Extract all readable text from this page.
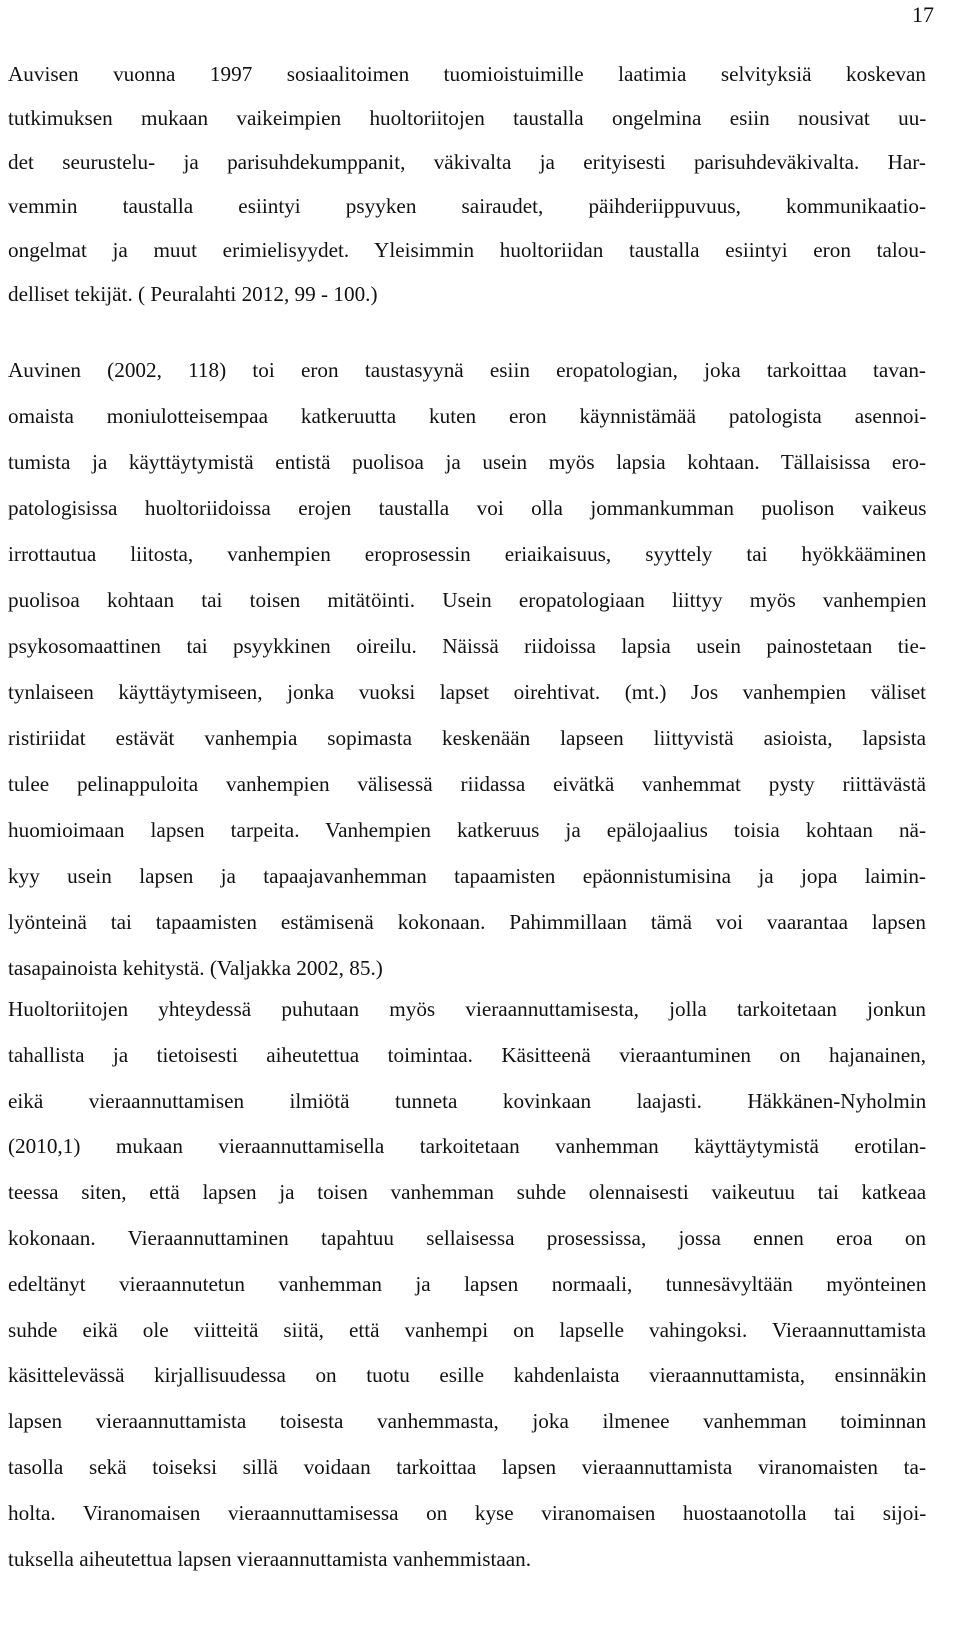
17
Auvisen vuonna 1997 sosiaalitoimen tuomioistuimille laatimia selvityksiä koskevan
tutkimuksen mukaan vaikeimpien huoltoriitojen taustalla ongelmina esiin nousivat uu-
det seurustelu- ja parisuhdekumppanit, väkivalta ja erityisesti parisuhdeväkivalta. Har-
vemmin taustalla esiintyi psyyken sairaudet, päihderiippuvuus, kommunikaatio-
ongelmat ja muut erimielisyydet. Yleisimmin huoltoriidan taustalla esiintyi eron talou-
delliset tekijät. ( Peuralahti 2012, 99 - 100.)
Auvinen (2002, 118) toi eron taustasyynä esiin eropatologian, joka tarkoittaa tavan-
omaista moniulotteisempaa katkeruutta kuten eron käynnistämää patologista asennoi-
tumista ja käyttäytymistä entistä puolisoa ja usein myös lapsia kohtaan. Tällaisissa ero-
patologisissa huoltoriidoissa erojen taustalla voi olla jommankumman puolison vaikeus
irrottautua liitosta, vanhempien eroprosessin eriaikaisuus, syyttely tai hyökkääminen
puolisoa kohtaan tai toisen mitätöinti. Usein eropatologiaan liittyy myös vanhempien
psykosomaattinen tai psyykkinen oireilu. Näissä riidoissa lapsia usein painostetaan tie-
tynlaiseen käyttäytymiseen, jonka vuoksi lapset oirehtivat. (mt.) Jos vanhempien väliset
ristiriidat estävät vanhempia sopimasta keskenään lapseen liittyvistä asioista, lapsista
tulee pelinappuloita vanhempien välisessä riidassa eivätkä vanhemmat pysty riittävästä
huomioimaan lapsen tarpeita. Vanhempien katkeruus ja epälojaalius toisia kohtaan nä-
kyy usein lapsen ja tapaajavanhemman tapaamisten epäonnistumisina ja jopa laimin-
lyönteinä tai tapaamisten estämisenä kokonaan. Pahimmillaan tämä voi vaarantaa lapsen
tasapainoista kehitystä. (Valjakka 2002, 85.)
Huoltoriitojen yhteydessä puhutaan myös vieraannuttamisesta, jolla tarkoitetaan jonkun
tahallista ja tietoisesti aiheutettua toimintaa. Käsitteenä vieraantuminen on hajanainen,
eikä vieraannuttamisen ilmiötä tunneta kovinkaan laajasti. Häkkänen-Nyholmin
(2010,1) mukaan vieraannuttamisella tarkoitetaan vanhemman käyttäytymistä erotilan-
teessa siten, että lapsen ja toisen vanhemman suhde olennaisesti vaikeutuu tai katkeaa
kokonaan. Vieraannuttaminen tapahtuu sellaisessa prosessissa, jossa ennen eroa on
edeltänyt vieraannutetun vanhemman ja lapsen normaali, tunnesävyltään myönteinen
suhde eikä ole viitteitä siitä, että vanhempi on lapselle vahingoksi. Vieraannuttamista
käsittelevässä kirjallisuudessa on tuotu esille kahdenlaista vieraannuttamista, ensinnäkin
lapsen vieraannuttamista toisesta vanhemmasta, joka ilmenee vanhemman toiminnan
tasolla sekä toiseksi sillä voidaan tarkoittaa lapsen vieraannuttamista viranomaisten ta-
holta. Viranomaisen vieraannuttamisessa on kyse viranomaisen huostaanotolla tai sijoi-
tuksella aiheutettua lapsen vieraannuttamista vanhemmistaan.
